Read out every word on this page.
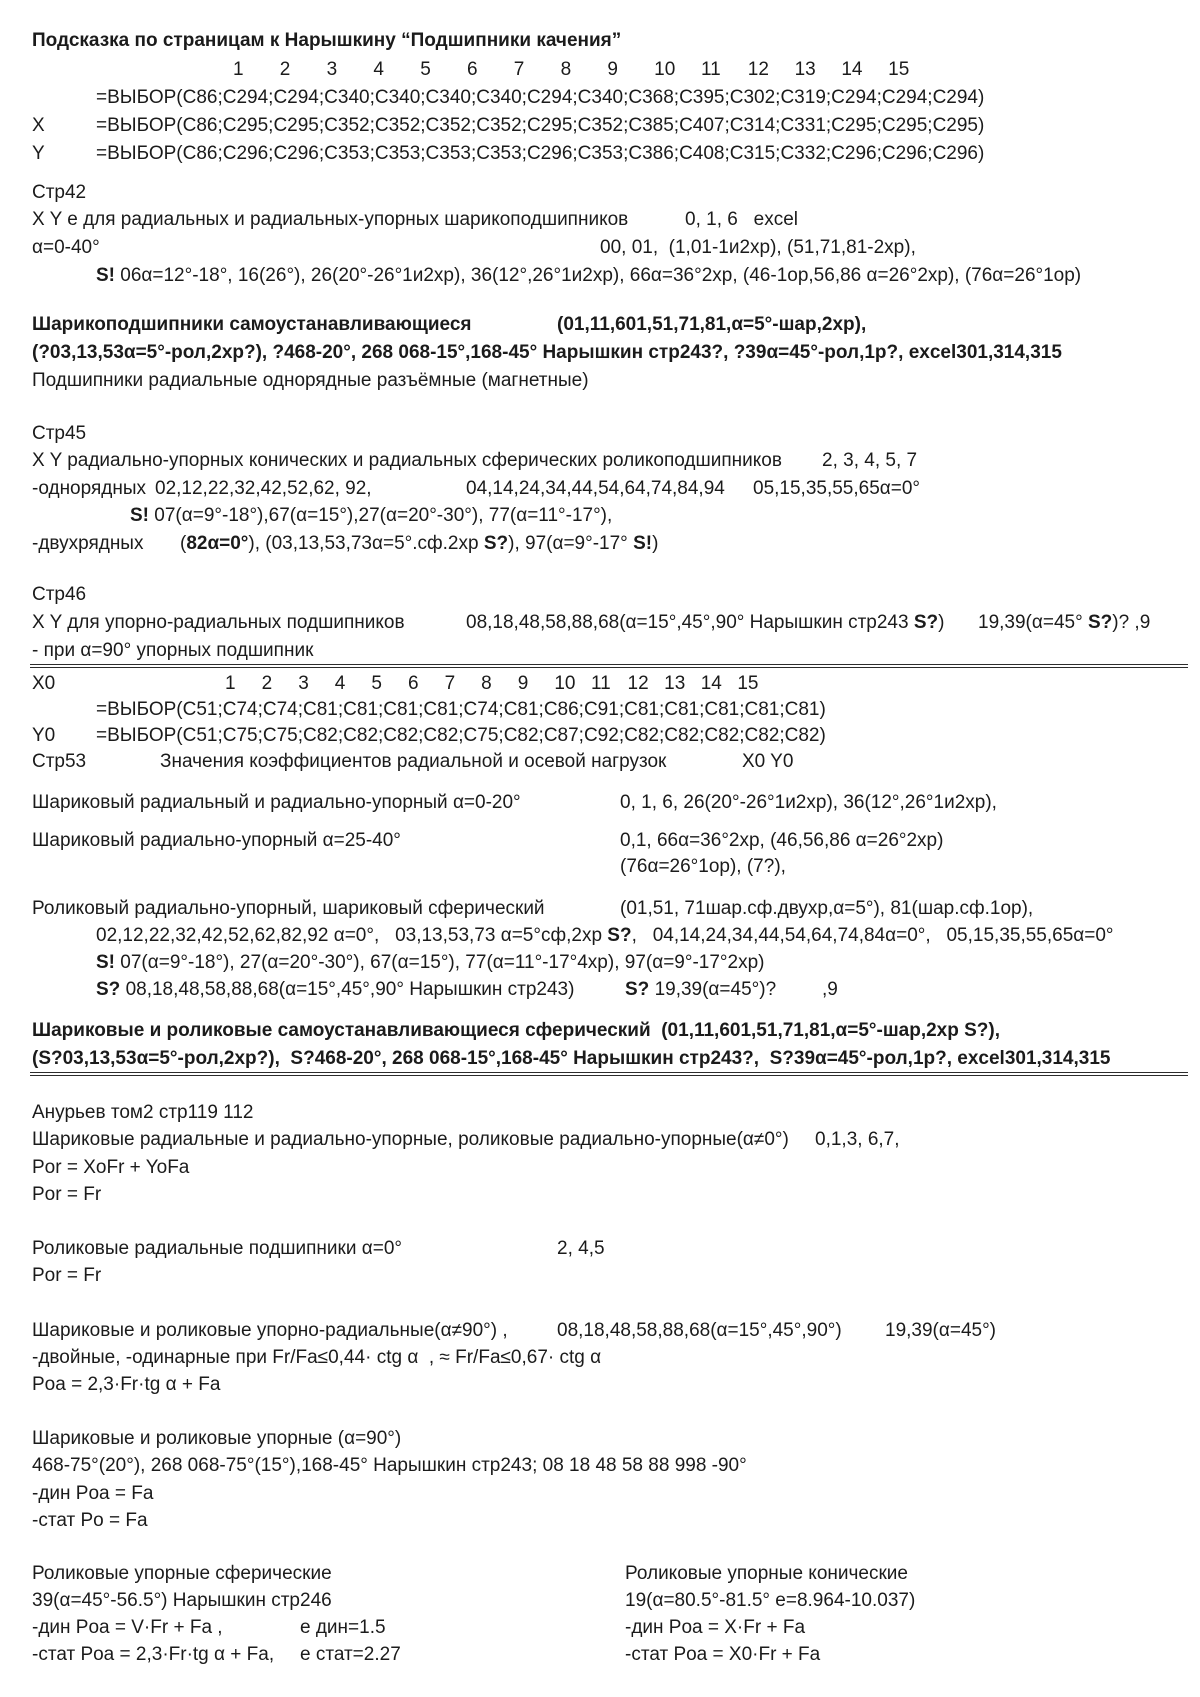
Подсказка по страницам к Нарышкину “Подшипники качения”
1 2 3 4 5 6 7 8 9 10 11 12 13 14 15
=ВЫБОР(C86;C294;C294;C340;C340;C340;C340;C294;C340;C368;C395;C302;C319;C294;C294;C294)
X	=ВЫБОР(C86;C295;C295;C352;C352;C352;C352;C295;C352;C385;C407;C314;C331;C295;C295;C295)
Y	=ВЫБОР(C86;C296;C296;C353;C353;C353;C353;C296;C353;C386;C408;C315;C332;C296;C296;C296)
Стр42
X Y е для радиальных и радиальных-упорных шарикоподшипников	0, 1, 6   excel
α=0-40°	00, 01,  (1,01-1и2хр), (51,71,81-2хр),
S! 06α=12°-18°, 16(26°), 26(20°-26°1и2хр), 36(12°,26°1и2хр), 66α=36°2хр, (46-1ор,56,86 α=26°2хр), (76α=26°1ор)
Шарикоподшипники самоустанавливающиеся	(01,11,601,51,71,81,α=5°-шар,2хр),
(?03,13,53α=5°-рол,2хр?), ?468-20°, 268 068-15°,168-45° Нарышкин стр243?, ?39α=45°-рол,1р?, excel301,314,315
Подшипники радиальные однорядные разъёмные (магнетные)
Стр45
X Y радиально-упорных конических и радиальных сферических роликоподшипников 2, 3, 4, 5, 7
-однорядных 02,12,22,32,42,52,62, 92,	04,14,24,34,44,54,64,74,84,94 05,15,35,55,65α=0°
S! 07(α=9°-18°),67(α=15°),27(α=20°-30°), 77(α=11°-17°),
-двухрядных (82α=0°), (03,13,53,73α=5°.сф.2хр S?), 97(α=9°-17° S!)
Стр46
X Y для упорно-радиальных подшипников	08,18,48,58,88,68(α=15°,45°,90° Нарышкин стр243 S?) 19,39(α=45° S?)? ,9
- при α=90° упорных подшипник
X0	1 2 3 4 5 6 7 8 9 10 11 12 13 14 15
=ВЫБОР(C51;C74;C74;C81;C81;C81;C81;C74;C81;C86;C91;C81;C81;C81;C81;C81)
Y0 =ВЫБОР(C51;C75;C75;C82;C82;C82;C82;C75;C82;C87;C92;C82;C82;C82;C82;C82)
Стр53	Значения коэффициентов радиальной и осевой нагрузок	X0 Y0
Шариковый радиальный и радиально-упорный α=0-20°	0, 1, 6, 26(20°-26°1и2хр), 36(12°,26°1и2хр),
Шариковый радиально-упорный α=25-40°	0,1, 66α=36°2хр, (46,56,86 α=26°2хр)
(76α=26°1ор), (7?),
Роликовый радиально-упорный, шариковый сферический	(01,51, 71шар.сф.двухр,α=5°), 81(шар.сф.1ор),
02,12,22,32,42,52,62,82,92 α=0°,   03,13,53,73 α=5°сф,2хр S?,   04,14,24,34,44,54,64,74,84α=0°,   05,15,35,55,65α=0°
S! 07(α=9°-18°), 27(α=20°-30°), 67(α=15°), 77(α=11°-17°4хр), 97(α=9°-17°2хр)
S? 08,18,48,58,88,68(α=15°,45°,90° Нарышкин стр243)	S? 19,39(α=45°)? ,9
Шариковые и роликовые самоустанавливающиеся сферический  (01,11,601,51,71,81,α=5°-шар,2хр S?),
(S?03,13,53α=5°-рол,2хр?),  S?468-20°, 268 068-15°,168-45° Нарышкин стр243?,  S?39α=45°-рол,1р?, excel301,314,315
Анурьев том2 стр119 112
Шариковые радиальные и радиально-упорные, роликовые радиально-упорные(α≠0°) 0,1,3, 6,7,
Por = XoFr + YoFa
Por = Fr
Роликовые радиальные подшипники α=0°	2, 4,5
Por = Fr
Шариковые и роликовые упорно-радиальные(α≠90°) ,	08,18,48,58,88,68(α=15°,45°,90°) 19,39(α=45°)
-двойные, -одинарные при Fr/Fa≤0,44· ctg α  , ≈ Fr/Fa≤0,67· ctg α
Poa = 2,3·Fr·tg α + Fa
Шариковые и роликовые упорные (α=90°)
468-75°(20°), 268 068-75°(15°),168-45° Нарышкин стр243; 08 18 48 58 88 998 -90°
-дин Poa = Fa
-стат Po = Fa
Роликовые упорные сферические	Роликовые упорные конические
39(α=45°-56.5°) Нарышкин стр246	19(α=80.5°-81.5° e=8.964-10.037)
-дин Poa = V·Fr + Fa ,	е дин=1.5	-дин Poa = X·Fr + Fa
-стат Poa = 2,3·Fr·tg α + Fa, е стат=2.27	-стат Poa = X0·Fr + Fa
